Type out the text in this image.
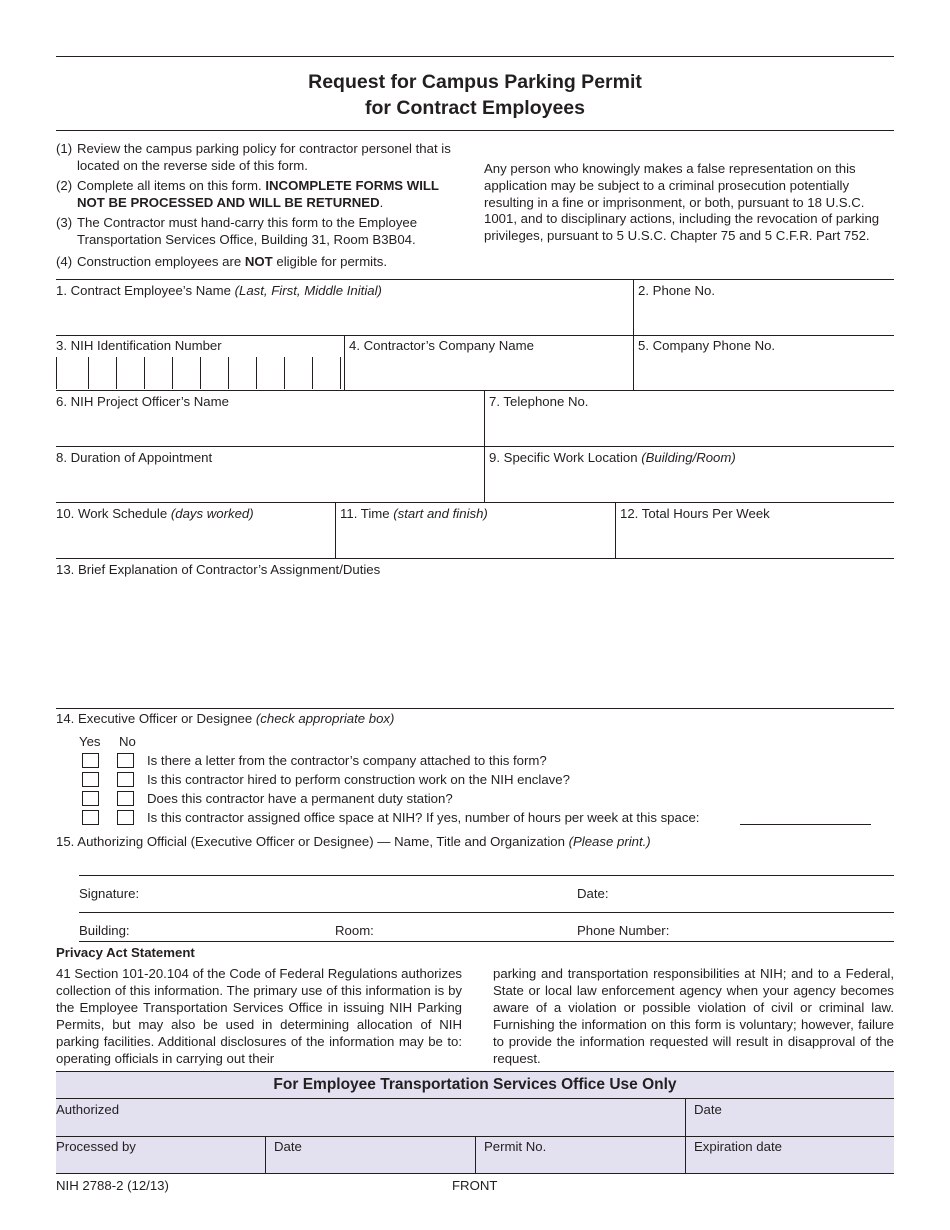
Request for Campus Parking Permit
for Contract Employees
(1) Review the campus parking policy for contractor personel that is located on the reverse side of this form.
(2) Complete all items on this form. INCOMPLETE FORMS WILL NOT BE PROCESSED AND WILL BE RETURNED.
(3) The Contractor must hand-carry this form to the Employee Transportation Services Office, Building 31, Room B3B04.
(4) Construction employees are NOT eligible for permits.
Any person who knowingly makes a false representation on this application may be subject to a criminal prosecution potentially resulting in a fine or imprisonment, or both, pursuant to 18 U.S.C. 1001, and to disciplinary actions, including the revocation of parking privileges, pursuant to 5 U.S.C. Chapter 75 and 5 C.F.R. Part 752.
1. Contract Employee’s Name (Last, First, Middle Initial)	2. Phone No.
3. NIH Identification Number	4. Contractor’s Company Name	5. Company Phone No.
6. NIH Project Officer’s Name	7. Telephone No.
8. Duration of Appointment	9. Specific Work Location (Building/Room)
10. Work Schedule (days worked)	11. Time (start and finish)	12. Total Hours Per Week
13. Brief Explanation of Contractor’s Assignment/Duties
14. Executive Officer or Designee (check appropriate box)
Yes No
Is there a letter from the contractor’s company attached to this form?
Is this contractor hired to perform construction work on the NIH enclave?
Does this contractor have a permanent duty station?
Is this contractor assigned office space at NIH? If yes, number of hours per week at this space:
15. Authorizing Official (Executive Officer or Designee) — Name, Title and Organization (Please print.)
Signature:	Date:
Building:	Room:	Phone Number:
Privacy Act Statement
41 Section 101-20.104 of the Code of Federal Regulations authorizes collection of this information. The primary use of this information is by the Employee Transportation Services Office in issuing NIH Parking Permits, but may also be used in determining allocation of NIH parking facilities. Additional disclosures of the information may be to: operating officials in carrying out their
parking and transportation responsibilities at NIH; and to a Federal, State or local law enforcement agency when your agency becomes aware of a violation or possible violation of civil or criminal law. Furnishing the information on this form is voluntary; however, failure to provide the information requested will result in disapproval of the request.
For Employee Transportation Services Office Use Only
Authorized	Date
Processed by	Date	Permit No.	Expiration date
NIH 2788-2 (12/13)	FRONT
